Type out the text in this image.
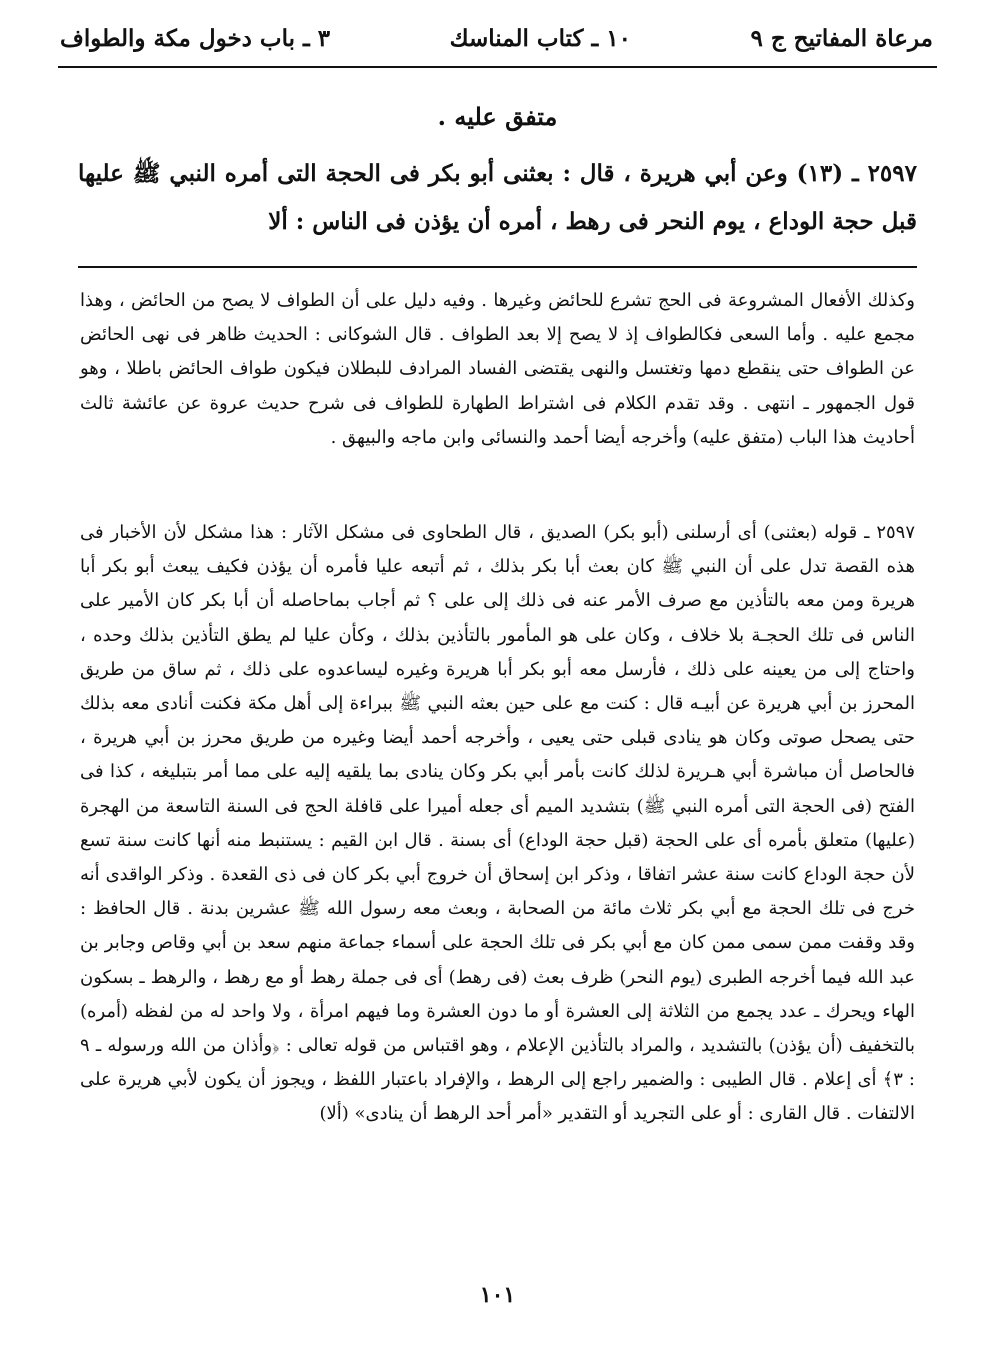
مرعاة المفاتيح ج ٩
١٠ ـ كتاب المناسك
٣ ـ باب دخول مكة والطواف
متفق عليه .
٢٥٩٧ ـ (١٣) وعن أبي هريرة ، قال : بعثنى أبو بكر فى الحجة التى أمره النبي ﷺ عليها قبل حجة الوداع ، يوم النحر فى رهط ، أمره أن يؤذن فى الناس : ألا

وكذلك الأفعال المشروعة فى الحج تشرع للحائض وغيرها . وفيه دليل على أن الطواف لا يصح من الحائض ، وهذا مجمع عليه . وأما السعى فكالطواف إذ لا يصح إلا بعد الطواف . قال الشوكانى : الحديث ظاهر فى نهى الحائض عن الطواف حتى ينقطع دمها وتغتسل والنهى يقتضى الفساد المرادف للبطلان فيكون طواف الحائض باطلا ، وهو قول الجمهور ـ انتهى . وقد تقدم الكلام فى اشتراط الطهارة للطواف فى شرح حديث عروة عن عائشة ثالث أحاديث هذا الباب (متفق عليه) وأخرجه أيضا أحمد والنسائى وابن ماجه والبيهق .

٢٥٩٧ ـ قوله (بعثنى) أى أرسلنى (أبو بكر) الصديق ، قال الطحاوى فى مشكل الآثار : هذا مشكل لأن الأخبار فى هذه القصة تدل على أن النبي ﷺ كان بعث أبا بكر بذلك ، ثم أتبعه عليا فأمره أن يؤذن فكيف يبعث أبو بكر أبا هريرة ومن معه بالتأذين مع صرف الأمر عنه فى ذلك إلى على ؟ ثم أجاب بماحاصله أن أبا بكر كان الأمير على الناس فى تلك الحجـة بلا خلاف ، وكان على هو المأمور بالتأذين بذلك ، وكأن عليا لم يطق التأذين بذلك وحده ، واحتاج إلى من يعينه على ذلك ، فأرسل معه أبو بكر أبا هريرة وغيره ليساعدوه على ذلك ، ثم ساق من طريق المحرز بن أبي هريرة عن أبيـه قال : كنت مع على حين بعثه النبي ﷺ ببراءة إلى أهل مكة فكنت أنادى معه بذلك حتى يصحل صوتى وكان هو ينادى قبلى حتى يعيى ، وأخرجه أحمد أيضا وغيره من طريق محرز بن أبي هريرة ، فالحاصل أن مباشرة أبي هـريرة لذلك كانت بأمر أبي بكر وكان ينادى بما يلقيه إليه على مما أمر بتبليغه ، كذا فى الفتح (فى الحجة التى أمره النبي ﷺ) بتشديد الميم أى جعله أميرا على قافلة الحج فى السنة التاسعة من الهجرة (عليها) متعلق بأمره أى على الحجة (قبل حجة الوداع) أى بسنة . قال ابن القيم : يستنبط منه أنها كانت سنة تسع لأن حجة الوداع كانت سنة عشر اتفاقا ، وذكر ابن إسحاق أن خروج أبي بكر كان فى ذى القعدة . وذكر الواقدى أنه خرج فى تلك الحجة مع أبي بكر ثلاث مائة من الصحابة ، وبعث معه رسول الله ﷺ عشرين بدنة . قال الحافظ : وقد وقفت ممن سمى ممن كان مع أبي بكر فى تلك الحجة على أسماء جماعة منهم سعد بن أبي وقاص وجابر بن عبد الله فيما أخرجه الطبرى (يوم النحر) ظرف بعث (فى رهط) أى فى جملة رهط أو مع رهط ، والرهط ـ بسكون الهاء ويحرك ـ عدد يجمع من الثلاثة إلى العشرة أو ما دون العشرة وما فيهم امرأة ، ولا واحد له من لفظه (أمره) بالتخفيف (أن يؤذن) بالتشديد ، والمراد بالتأذين الإعلام ، وهو اقتباس من قوله تعالى : ﴿وأذان من الله ورسوله ـ ٩ : ٣﴾ أى إعلام . قال الطيبى : والضمير راجع إلى الرهط ، والإفراد باعتبار اللفظ ، ويجوز أن يكون لأبي هريرة على الالتفات . قال القارى : أو على التجريد أو التقدير «أمر أحد الرهط أن ينادى» (ألا)

١٠١
